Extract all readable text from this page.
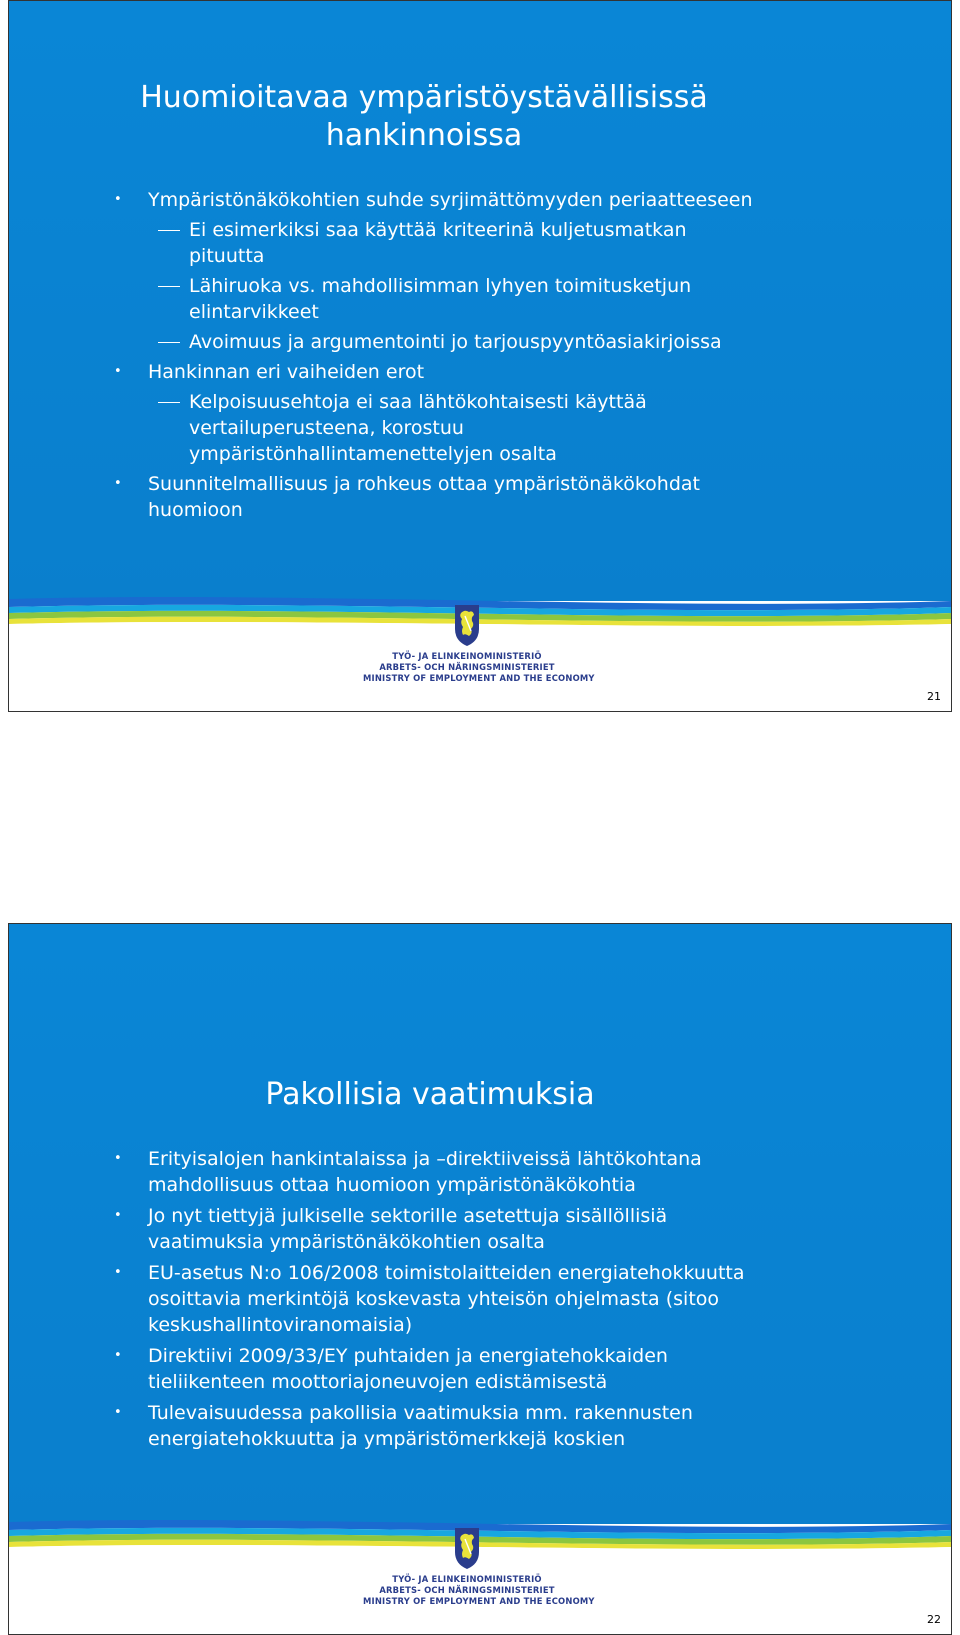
Huomioitavaa ympäristöystävällisissä hankinnoissa
• Ympäristönäkökohtien suhde syrjimättömyyden periaatteeseen
Ei esimerkiksi saa käyttää kriteerinä kuljetusmatkan pituutta
Lähiruoka vs. mahdollisimman lyhyen toimitusketjun elintarvikkeet
Avoimuus ja argumentointi jo tarjouspyyntöasiakirjoissa
• Hankinnan eri vaiheiden erot
Kelpoisuusehtoja ei saa lähtökohtaisesti käyttää vertailuperusteena, korostuu ympäristönhallintamenettelyjen osalta
• Suunnitelmallisuus ja rohkeus ottaa ympäristönäkökohdat huomioon
TYÖ- JA ELINKEINOMINISTERIÖ
ARBETS- OCH NÄRINGSMINISTERIET
MINISTRY OF EMPLOYMENT AND THE ECONOMY
21
Pakollisia vaatimuksia
• Erityisalojen hankintalaissa ja –direktiiveissä lähtökohtana mahdollisuus ottaa huomioon ympäristönäkökohtia
• Jo nyt tiettyjä julkiselle sektorille asetettuja sisällöllisiä vaatimuksia ympäristönäkökohtien osalta
• EU-asetus N:o 106/2008 toimistolaitteiden energiatehokkuutta osoittavia merkintöjä koskevasta yhteisön ohjelmasta (sitoo keskushallintoviranomaisia)
• Direktiivi 2009/33/EY puhtaiden ja energiatehokkaiden tieliikenteen moottoriajoneuvojen edistämisestä
• Tulevaisuudessa pakollisia vaatimuksia mm. rakennusten energiatehokkuutta ja ympäristömerkkejä koskien
TYÖ- JA ELINKEINOMINISTERIÖ
ARBETS- OCH NÄRINGSMINISTERIET
MINISTRY OF EMPLOYMENT AND THE ECONOMY
22
